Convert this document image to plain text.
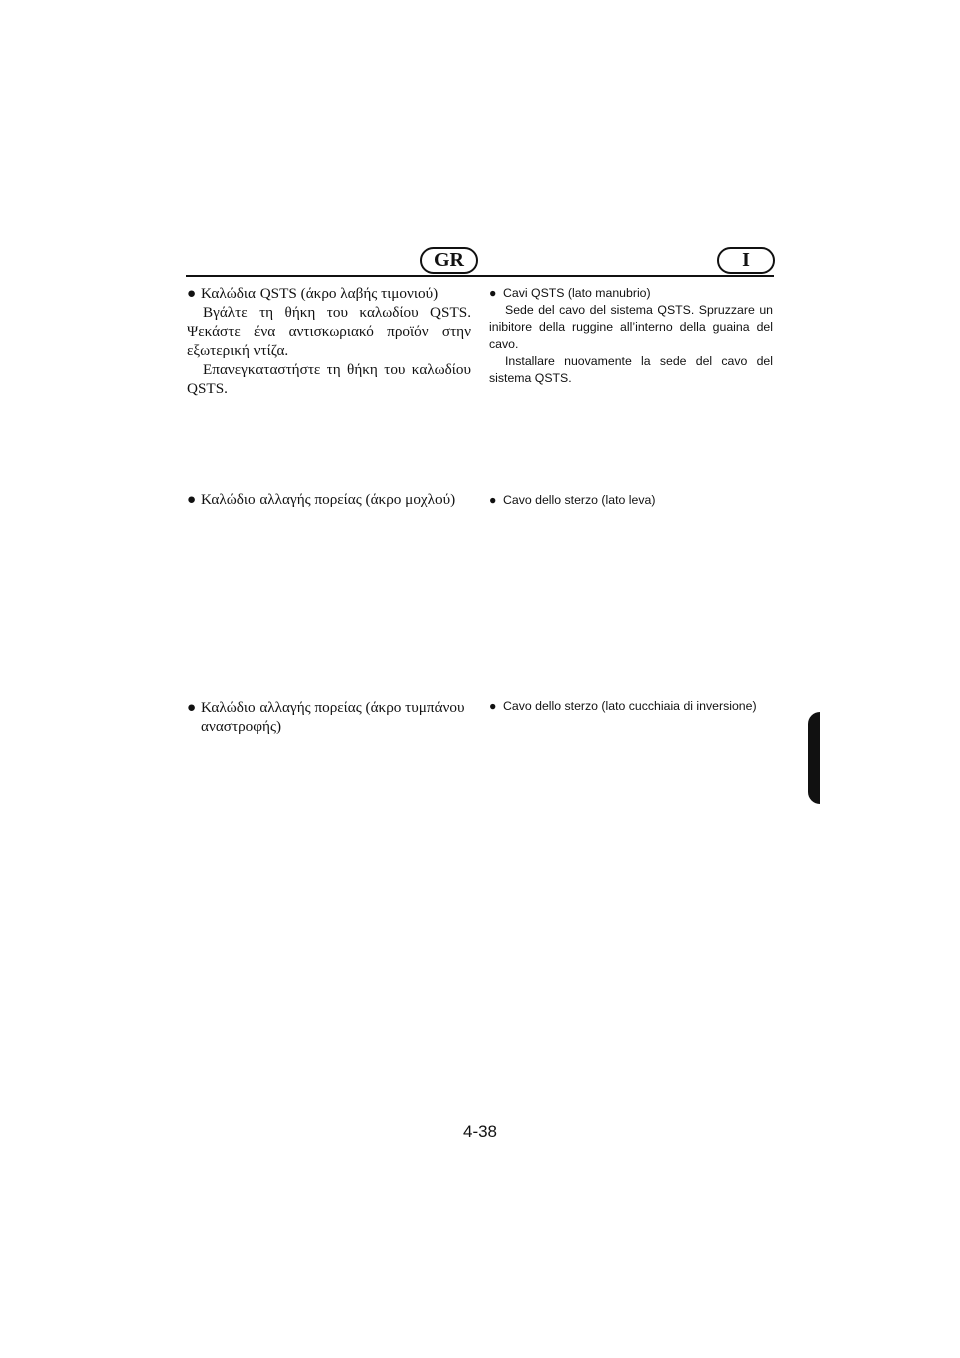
GR	I
● Καλώδια QSTS (άκρο λαβής τιμονιού)

Βγάλτε τη θήκη του καλωδίου QSTS. Ψεκάστε ένα αντισκωριακό προϊόν στην εξωτερική ντίζα.

Επανεγκαταστήστε τη θήκη του καλωδίου QSTS.

● Καλώδιο αλλαγής πορείας (άκρο μοχλού)
● Καλώδιο αλλαγής πορείας (άκρο τυμπάνου
αναστροφής)
● Cavi QSTS (lato manubrio)

Sede del cavo del sistema QSTS. Spruzzare un inibitore della ruggine all’interno della guaina del cavo.

Installare nuovamente la sede del cavo del sistema QSTS.

● Cavo dello sterzo (lato leva)
● Cavo dello sterzo (lato cucchiaia di inversione)
4-38
